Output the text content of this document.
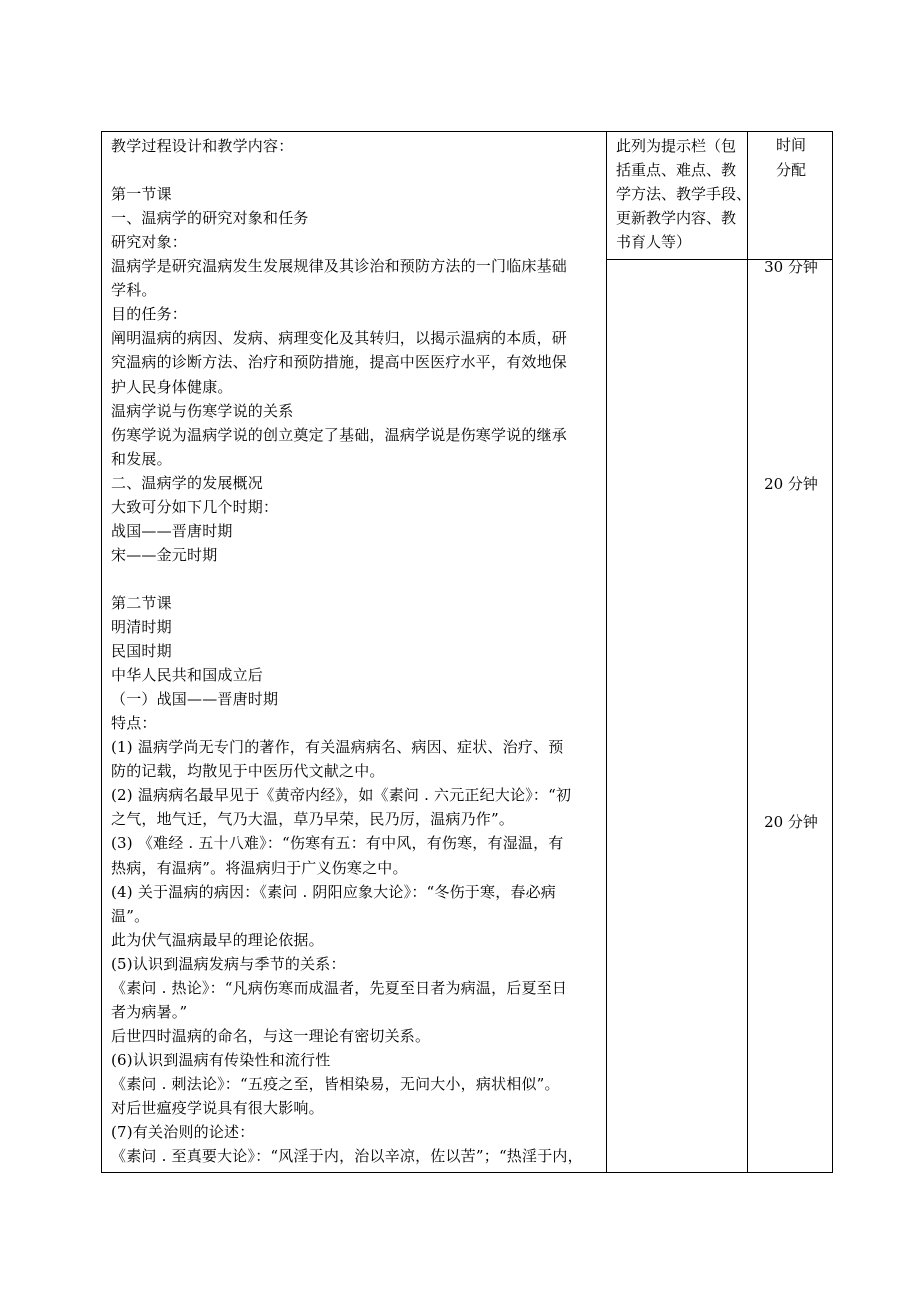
教学过程设计和教学内容：
第一节课
一、温病学的研究对象和任务
研究对象：
温病学是研究温病发生发展规律及其诊治和预防方法的一门临床基础
学科。
目的任务：
阐明温病的病因、发病、病理变化及其转归，以揭示温病的本质，研
究温病的诊断方法、治疗和预防措施，提高中医医疗水平，有效地保
护人民身体健康。
温病学说与伤寒学说的关系
伤寒学说为温病学说的创立奠定了基础，温病学说是伤寒学说的继承
和发展。
二、温病学的发展概况
大致可分如下几个时期：
战国——晋唐时期
宋——金元时期
第二节课
明清时期
民国时期
中华人民共和国成立后
（一）战国——晋唐时期
特点：
(1) 温病学尚无专门的著作，有关温病病名、病因、症状、治疗、预
防的记载，均散见于中医历代文献之中。
(2) 温病病名最早见于《黄帝内经》，如《素问 . 六元正纪大论》：“初
之气，地气迁，气乃大温，草乃早荣，民乃厉，温病乃作”。
(3) 《难经 . 五十八难》：“伤寒有五：有中风，有伤寒，有湿温，有
热病，有温病”。将温病归于广义伤寒之中。
(4) 关于温病的病因：《素问 . 阴阳应象大论》：“冬伤于寒，春必病
温”。
此为伏气温病最早的理论依据。
(5)认识到温病发病与季节的关系：
《素问 . 热论》：“凡病伤寒而成温者，先夏至日者为病温，后夏至日
者为病暑。”
后世四时温病的命名，与这一理论有密切关系。
(6)认识到温病有传染性和流行性
《素问 . 刺法论》：“五疫之至，皆相染易，无问大小，病状相似”。
对后世瘟疫学说具有很大影响。
(7)有关治则的论述：
《素问 . 至真要大论》：“风淫于内，治以辛凉，佐以苦”；“热淫于内，
此列为提示栏（包
括重点、难点、教
学方法、教学手段、
更新教学内容、教
书育人等）
时间
分配
30 分钟
20 分钟
20 分钟
